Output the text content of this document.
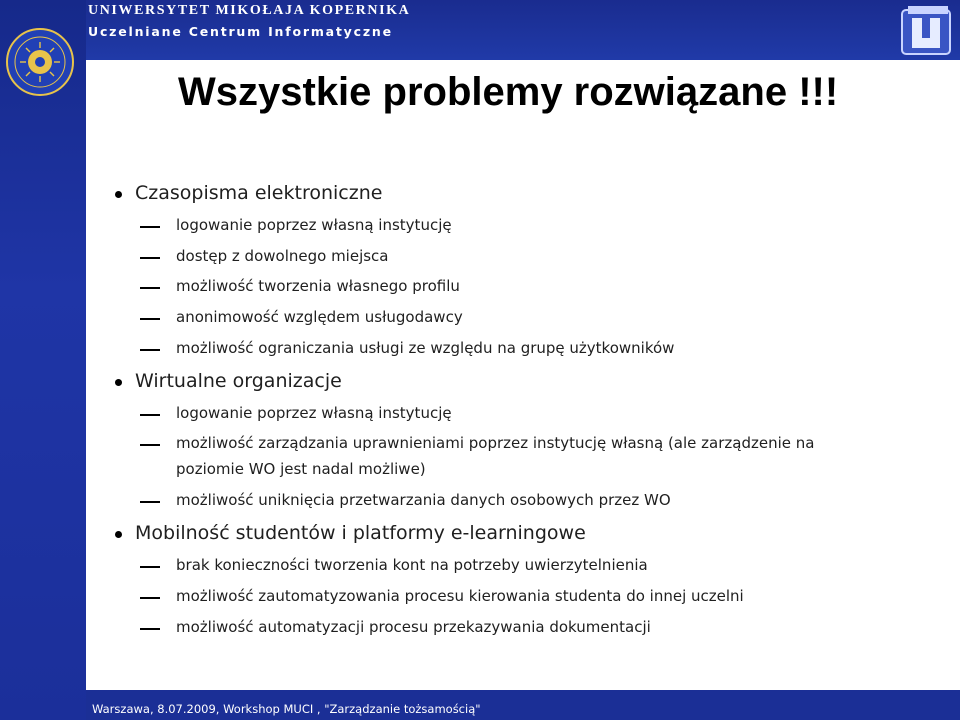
UNIWERSYTET MIKOŁAJA KOPERNIKA
Uczelniane Centrum Informatyczne
Wszystkie problemy rozwiązane !!!
Czasopisma elektroniczne
logowanie poprzez własną instytucję
dostęp z dowolnego miejsca
możliwość tworzenia własnego profilu
anonimowość względem usługodawcy
możliwość ograniczania usługi ze względu na grupę użytkowników
Wirtualne organizacje
logowanie poprzez własną instytucję
możliwość zarządzania uprawnieniami poprzez instytucję własną (ale zarządzenie na
poziomie WO jest nadal możliwe)
możliwość uniknięcia przetwarzania danych osobowych przez WO
Mobilność studentów i platformy e-learningowe
brak konieczności tworzenia kont na potrzeby uwierzytelnienia
możliwość zautomatyzowania procesu kierowania studenta do innej uczelni
możliwość automatyzacji procesu przekazywania dokumentacji
Warszawa, 8.07.2009, Workshop MUCI , "Zarządzanie tożsamością"
